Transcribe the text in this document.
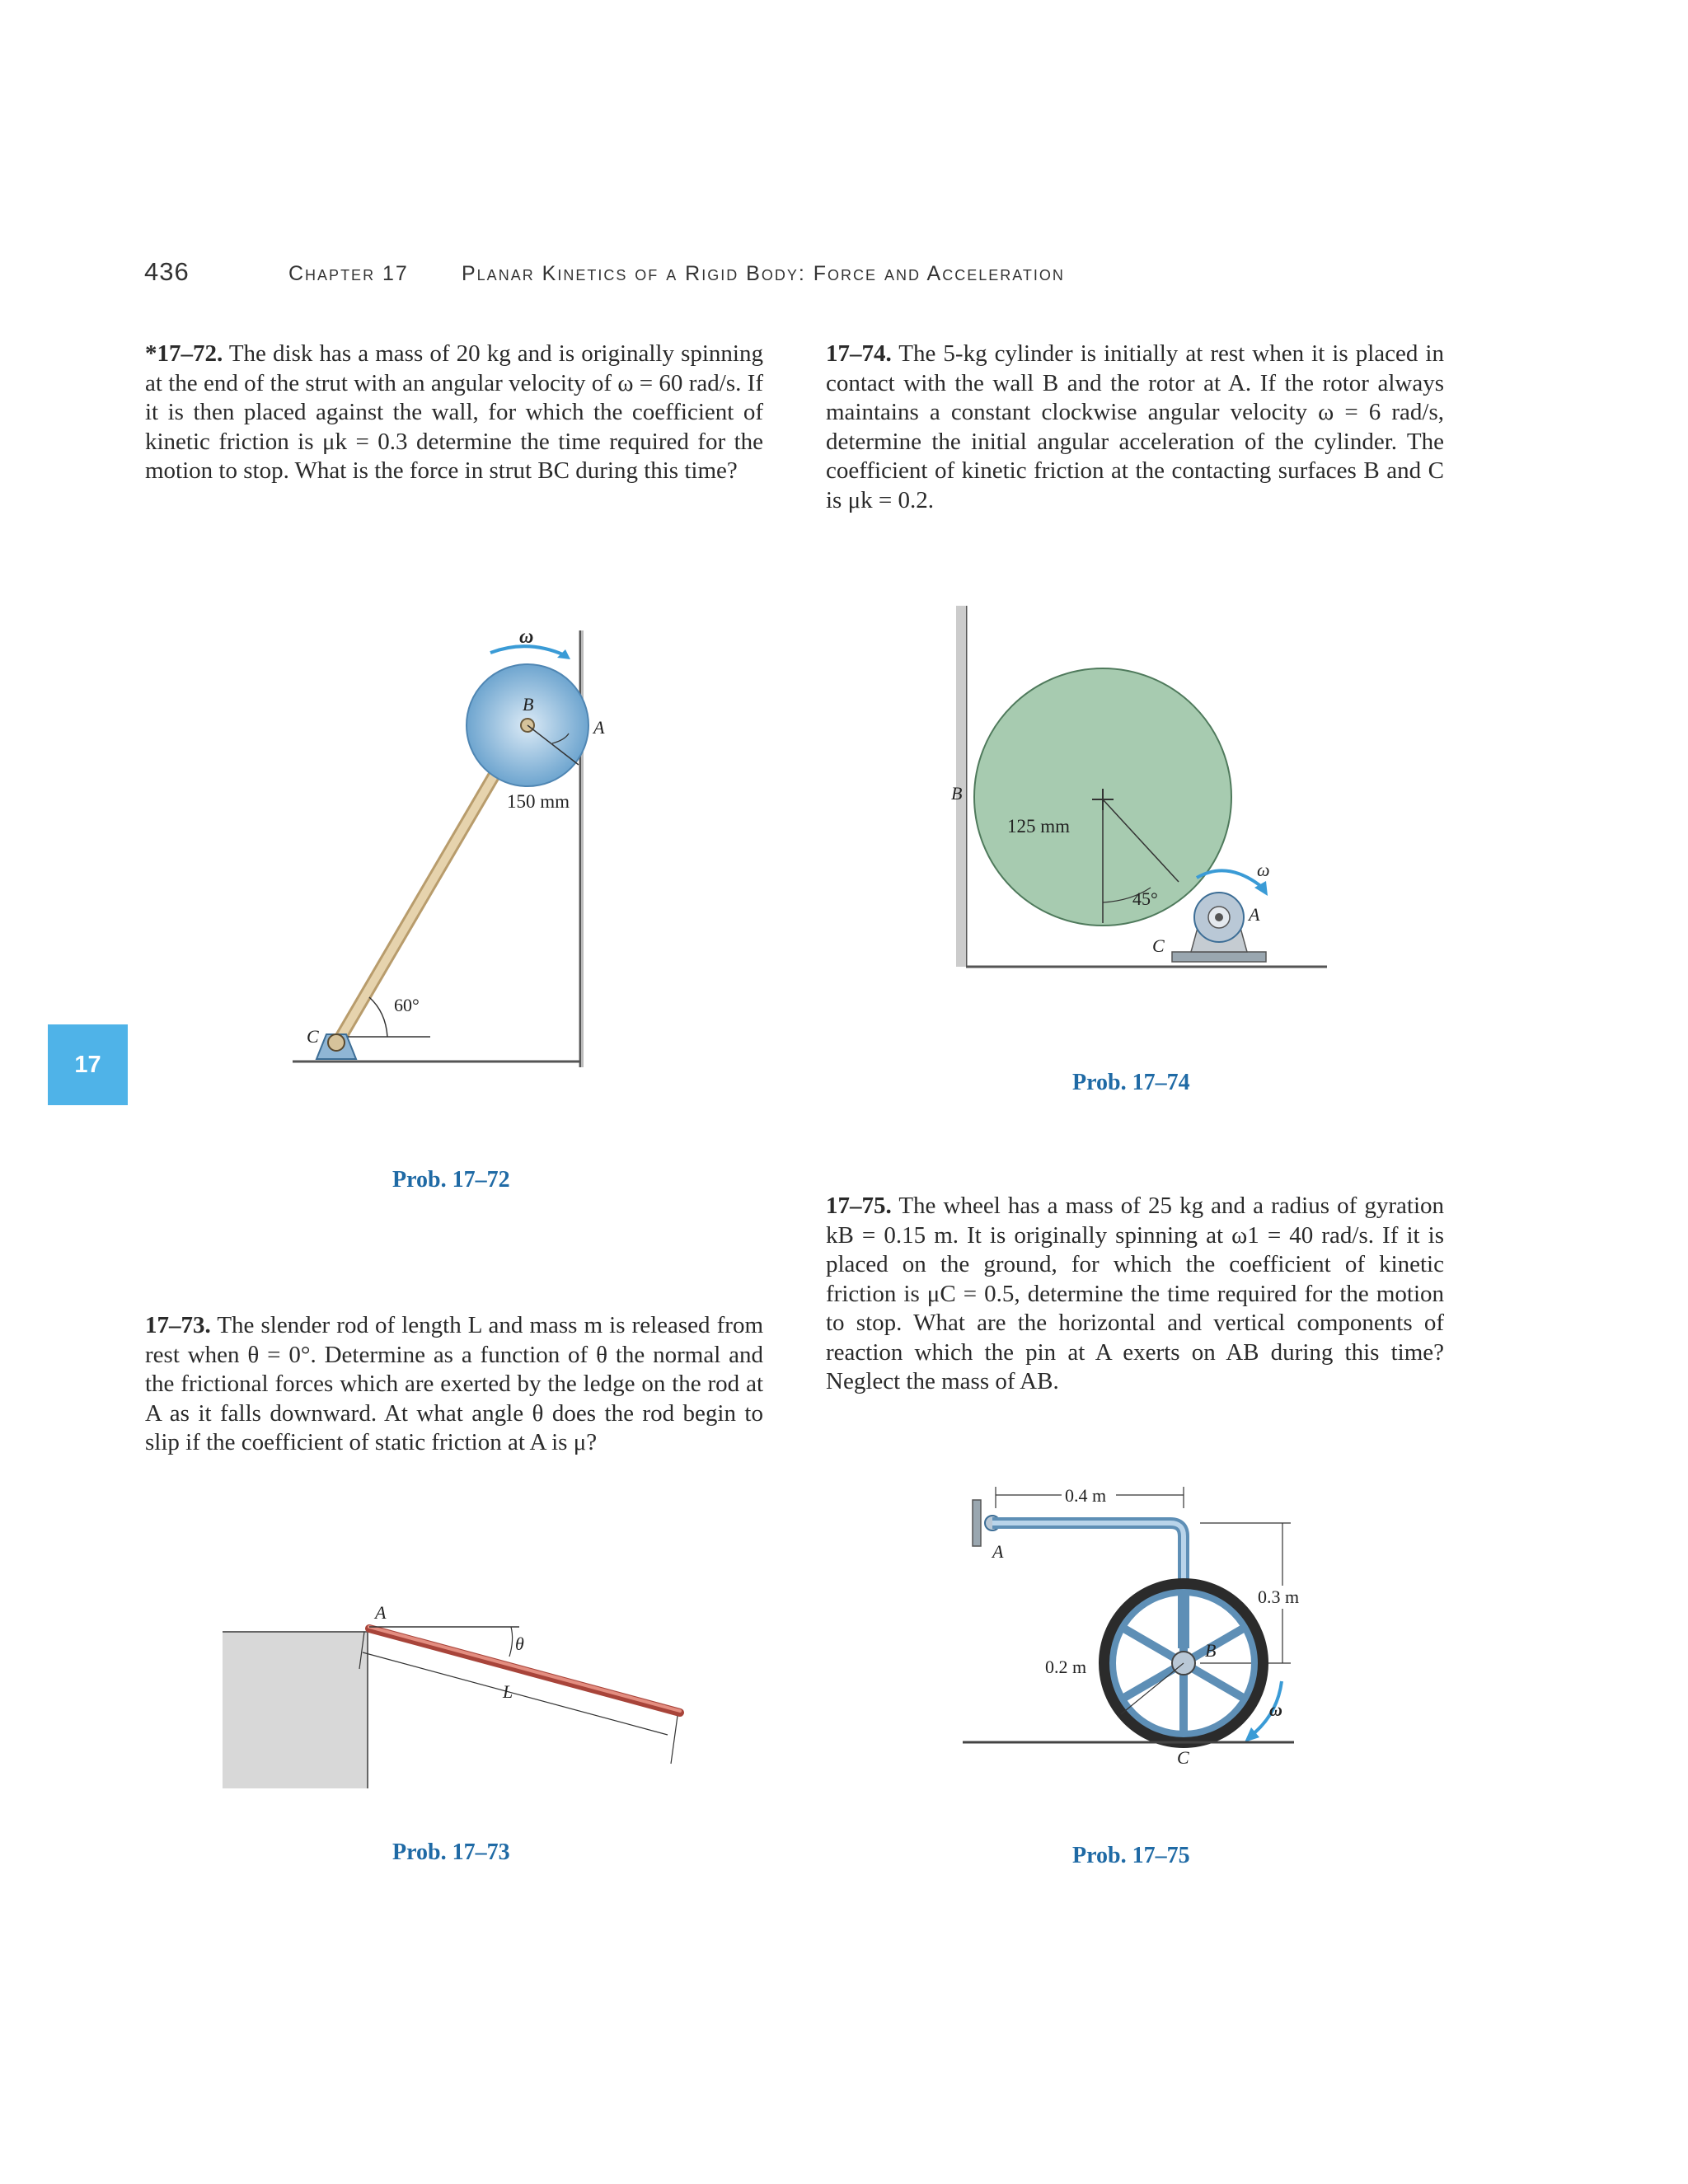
436	Chapter 17	Planar Kinetics of a Rigid Body: Force and Acceleration
17
*17–72. The disk has a mass of 20 kg and is originally spinning at the end of the strut with an angular velocity of ω = 60 rad/s. If it is then placed against the wall, for which the coefficient of kinetic friction is μk = 0.3 determine the time required for the motion to stop. What is the force in strut BC during this time?
17–74. The 5-kg cylinder is initially at rest when it is placed in contact with the wall B and the rotor at A. If the rotor always maintains a constant clockwise angular velocity ω = 6 rad/s, determine the initial angular acceleration of the cylinder. The coefficient of kinetic friction at the contacting surfaces B and C is μk = 0.2.
ω
B
A
150 mm
60°
C
Prob. 17–72
125 mm
45°
B
C
ω
A
Prob. 17–74
17–75. The wheel has a mass of 25 kg and a radius of gyration kB = 0.15 m. It is originally spinning at ω1 = 40 rad/s. If it is placed on the ground, for which the coefficient of kinetic friction is μC = 0.5, determine the time required for the motion to stop. What are the horizontal and vertical components of reaction which the pin at A exerts on AB during this time? Neglect the mass of AB.
17–73. The slender rod of length L and mass m is released from rest when θ = 0°. Determine as a function of θ the normal and the frictional forces which are exerted by the ledge on the rod at A as it falls downward. At what angle θ does the rod begin to slip if the coefficient of static friction at A is μ?
θ
A
L
Prob. 17–73
0.4 m
A
0.3 m
B
0.2 m
ω
C
Prob. 17–75
